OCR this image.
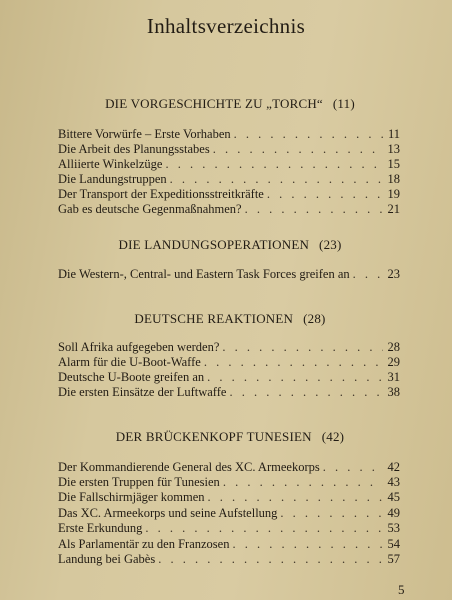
Inhaltsverzeichnis
DIE VORGESCHICHTE ZU „TORCH“ (11)
Bittere Vorwürfe – Erste Vorhaben . . .	11
Die Arbeit des Planungsstabes . . .	13
Alliierte Winkelzüge . . .	15
Die Landungstruppen . . .	18
Der Transport der Expeditionsstreitkräfte . . .	19
Gab es deutsche Gegenmaßnahmen? . . .	21
DIE LANDUNGSOPERATIONEN (23)
Die Western-, Central- und Eastern Task Forces greifen an . . .	23
DEUTSCHE REAKTIONEN (28)
Soll Afrika aufgegeben werden? . . .	28
Alarm für die U-Boot-Waffe . . .	29
Deutsche U-Boote greifen an . . .	31
Die ersten Einsätze der Luftwaffe . . .	38
DER BRÜCKENKOPF TUNESIEN (42)
Der Kommandierende General des XC. Armeekorps . . .	42
Die ersten Truppen für Tunesien . . .	43
Die Fallschirmjäger kommen . . .	45
Das XC. Armeekorps und seine Aufstellung . . .	49
Erste Erkundung . . .	53
Als Parlamentär zu den Franzosen . . .	54
Landung bei Gabès . . .	57
5
